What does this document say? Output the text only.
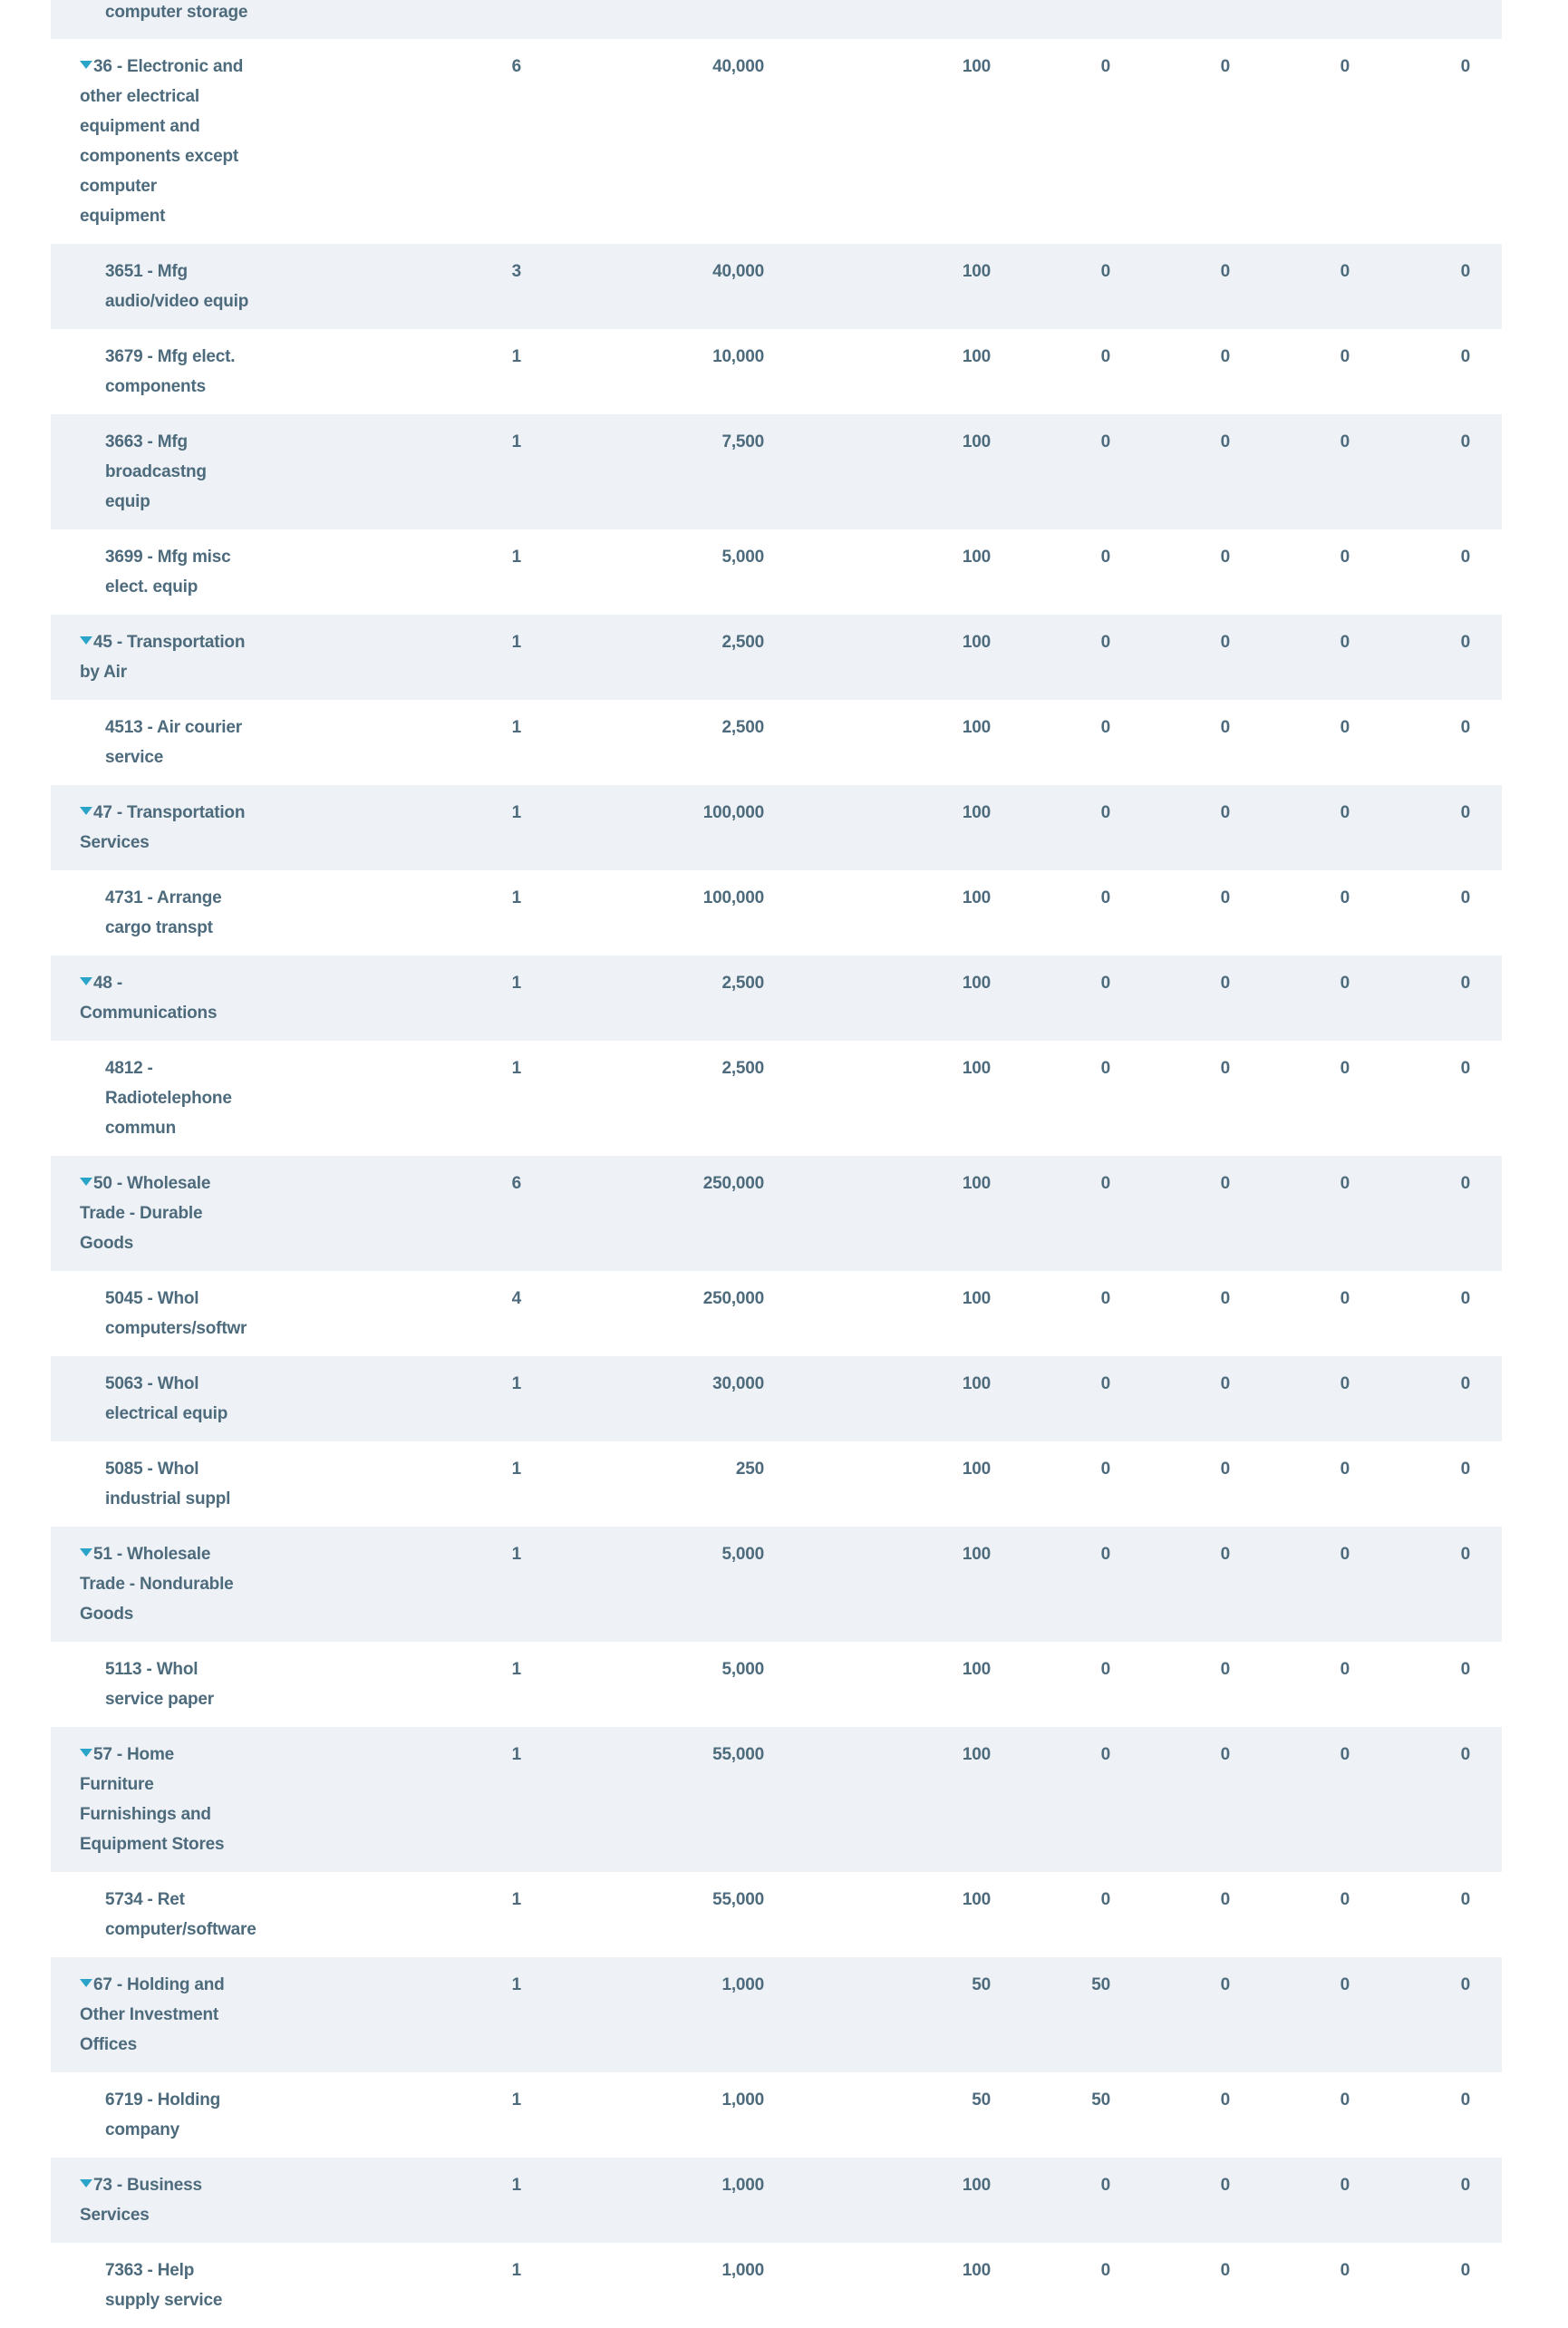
computer storage
36 - Electronic and
other electrical
equipment and
components except
computer
equipment
6	40,000	100	0	0	0	0
3651 - Mfg
audio/video equip
3	40,000	100	0	0	0	0
3679 - Mfg elect.
components
1	10,000	100	0	0	0	0
3663 - Mfg
broadcastng
equip
1	7,500	100	0	0	0	0
3699 - Mfg misc
elect. equip
1	5,000	100	0	0	0	0
45 - Transportation
by Air
1	2,500	100	0	0	0	0
4513 - Air courier
service
1	2,500	100	0	0	0	0
47 - Transportation
Services
1	100,000	100	0	0	0	0
4731 - Arrange
cargo transpt
1	100,000	100	0	0	0	0
48 -
Communications
1	2,500	100	0	0	0	0
4812 -
Radiotelephone
commun
1	2,500	100	0	0	0	0
50 - Wholesale
Trade - Durable
Goods
6	250,000	100	0	0	0	0
5045 - Whol
computers/softwr
4	250,000	100	0	0	0	0
5063 - Whol
electrical equip
1	30,000	100	0	0	0	0
5085 - Whol
industrial suppl
1	250	100	0	0	0	0
51 - Wholesale
Trade - Nondurable
Goods
1	5,000	100	0	0	0	0
5113 - Whol
service paper
1	5,000	100	0	0	0	0
57 - Home
Furniture
Furnishings and
Equipment Stores
1	55,000	100	0	0	0	0
5734 - Ret
computer/software
1	55,000	100	0	0	0	0
67 - Holding and
Other Investment
Offices
1	1,000	50	50	0	0	0
6719 - Holding
company
1	1,000	50	50	0	0	0
73 - Business
Services
1	1,000	100	0	0	0	0
7363 - Help
supply service
1	1,000	100	0	0	0	0
